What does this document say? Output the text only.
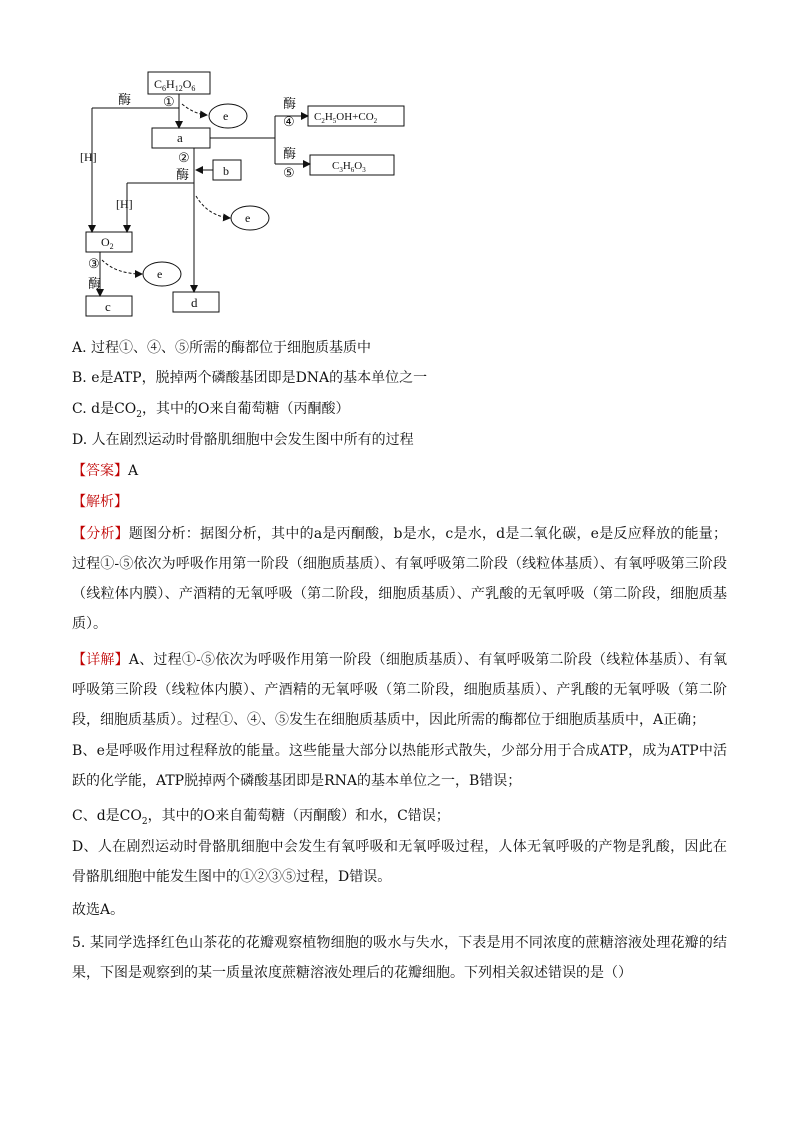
$C_6H_{12}O_6$
酶 ①
e
a
酶
④ $C_2H_5OH+CO_2$
酶
⑤	$C_3H_6O_3$
②
酶	b
[H]
[H]
e
$O_2$
③
酶
e
c	d
A. 过程①、④、⑤所需的酶都位于细胞质基质中
B. e是ATP，脱掉两个磷酸基团即是DNA的基本单位之一
C. d是$CO_2$，其中的O来自葡萄糖（丙酮酸）
D. 人在剧烈运动时骨骼肌细胞中会发生图中所有的过程
【答案】A
【解析】
【分析】题图分析：据图分析，其中的a是丙酮酸，b是水，c是水，d是二氧化碳，e是反应释放的能量；过程①-⑤依次为呼吸作用第一阶段（细胞质基质）、有氧呼吸第二阶段（线粒体基质）、有氧呼吸第三阶段（线粒体内膜）、产酒精的无氧呼吸（第二阶段，细胞质基质）、产乳酸的无氧呼吸（第二阶段，细胞质基质）。
【详解】A、过程①-⑤依次为呼吸作用第一阶段（细胞质基质）、有氧呼吸第二阶段（线粒体基质）、有氧呼吸第三阶段（线粒体内膜）、产酒精的无氧呼吸（第二阶段，细胞质基质）、产乳酸的无氧呼吸（第二阶段，细胞质基质）。过程①、④、⑤发生在细胞质基质中，因此所需的酶都位于细胞质基质中，A正确；
B、e是呼吸作用过程释放的能量。这些能量大部分以热能形式散失，少部分用于合成ATP，成为ATP中活跃的化学能，ATP脱掉两个磷酸基团即是RNA的基本单位之一，B错误；
C、d是$CO_2$，其中的O来自葡萄糖（丙酮酸）和水，C错误；
D、人在剧烈运动时骨骼肌细胞中会发生有氧呼吸和无氧呼吸过程，人体无氧呼吸的产物是乳酸，因此在骨骼肌细胞中能发生图中的①②③⑤过程，D错误。
故选A。
5. 某同学选择红色山茶花的花瓣观察植物细胞的吸水与失水，下表是用不同浓度的蔗糖溶液处理花瓣的结果，下图是观察到的某一质量浓度蔗糖溶液处理后的花瓣细胞。下列相关叙述错误的是（）
